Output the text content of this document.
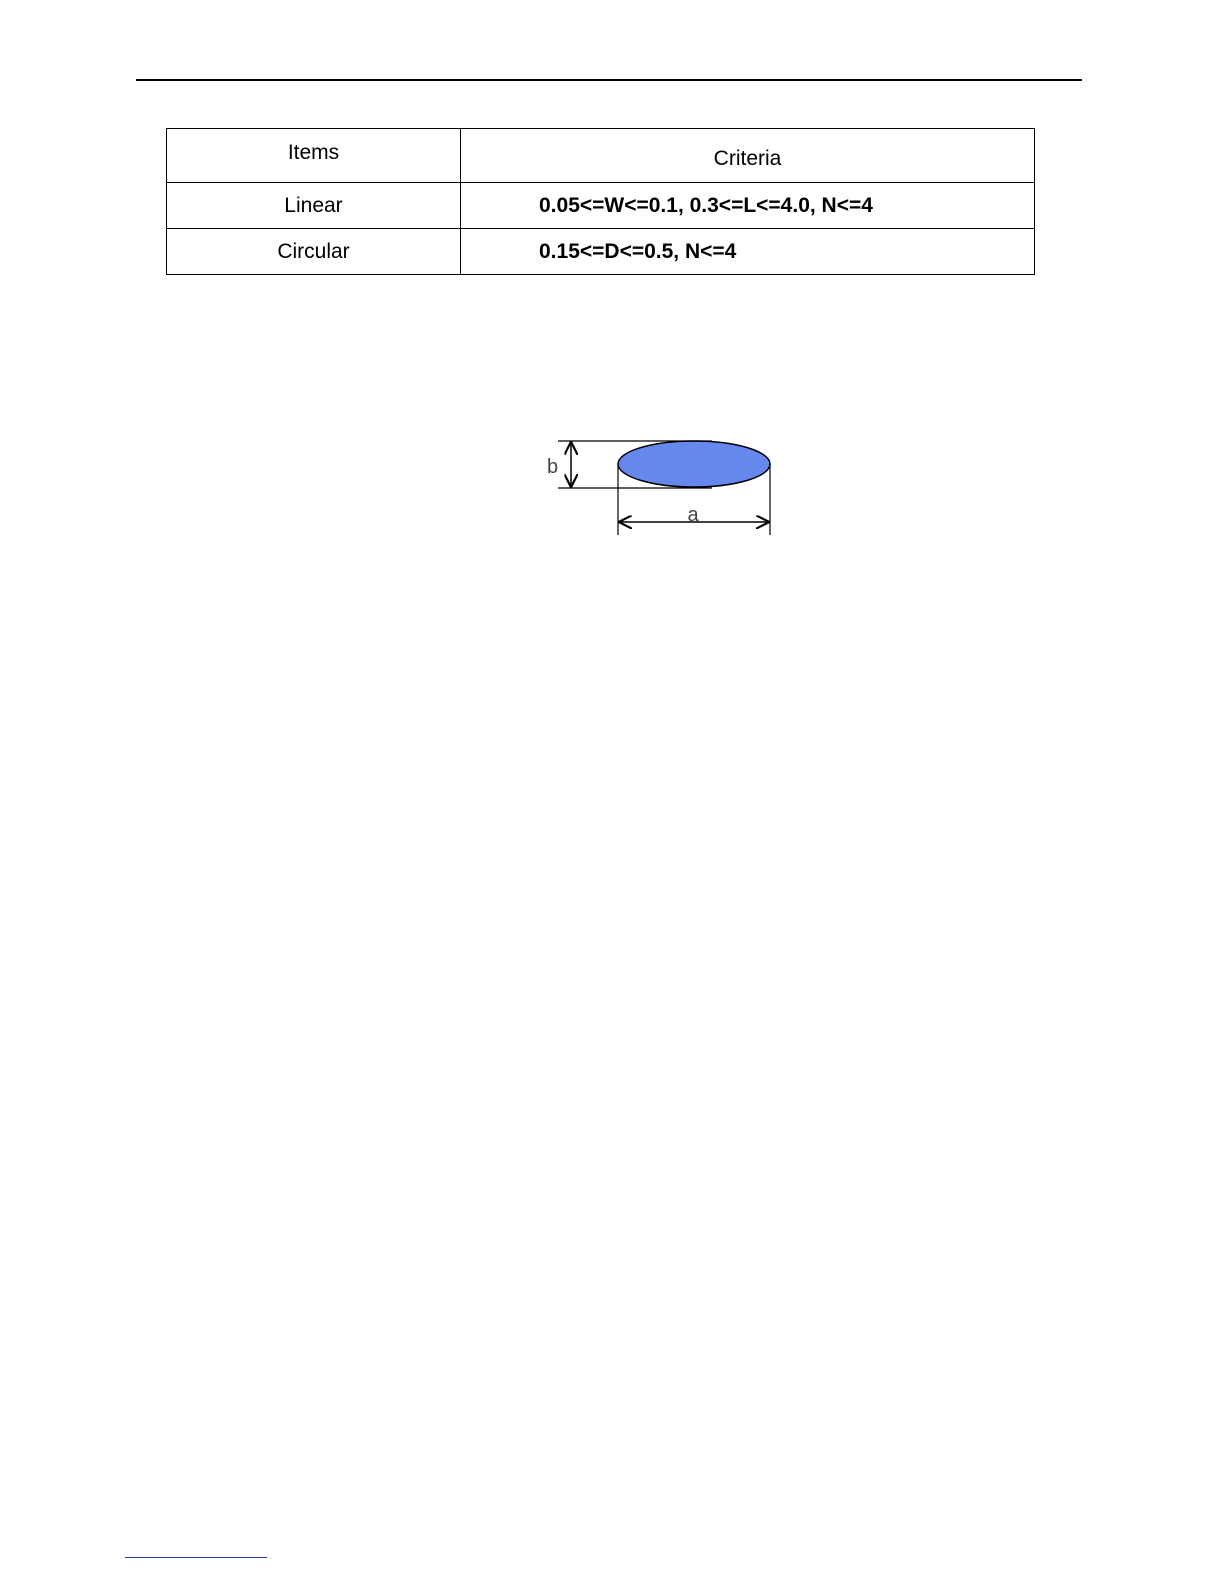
Items	Criteria
Linear	0.05<=W<=0.1, 0.3<=L<=4.0, N<=4
Circular	0.15<=D<=0.5, N<=4
b
a
